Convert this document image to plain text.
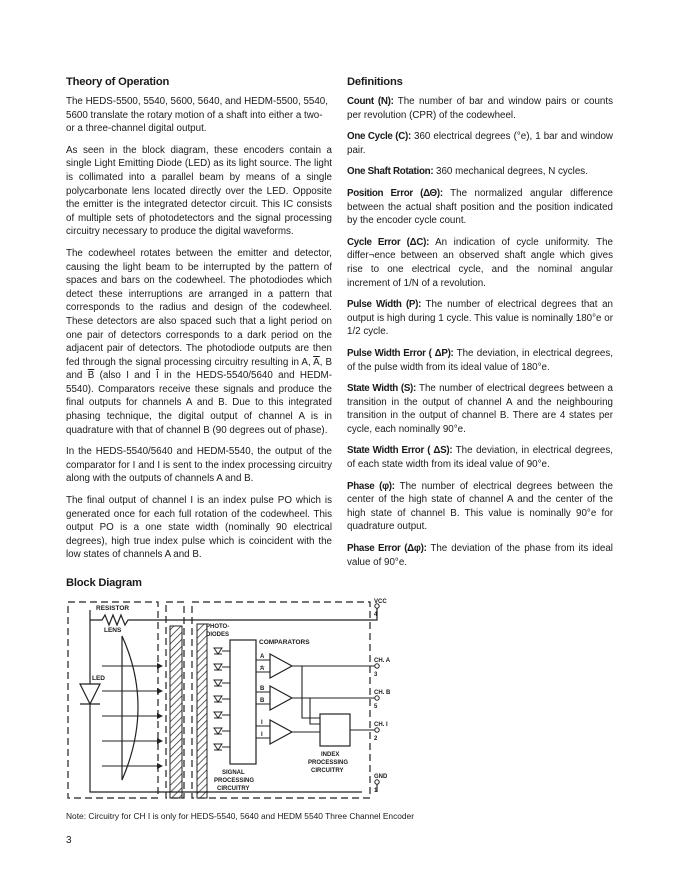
Theory of Operation

The HEDS-5500, 5540, 5600, 5640, and HEDM-5500, 5540, 5600 translate the rotary motion of a shaft into either a two- or a three-channel digital output.

As seen in the block diagram, these encoders contain a single Light Emitting Diode (LED) as its light source. The light is collimated into a parallel beam by means of a single polycarbonate lens located directly over the LED. Opposite the emitter is the integrated detector circuit. This IC consists of multiple sets of photodetectors and the signal processing circuitry necessary to produce the digital waveforms.

The codewheel rotates between the emitter and detector, causing the light beam to be interrupted by the pattern of spaces and bars on the codewheel. The photodiodes which detect these interruptions are arranged in a pattern that corresponds to the radius and design of the codewheel. These detectors are also spaced such that a light period on one pair of detectors corresponds to a dark period on the adjacent pair of detectors. The photodiode outputs are then fed through the signal processing circuitry resulting in A, $\overline{A}$, B and $\overline{B}$ (also I and $\overline{I}$ in the HEDS-5540/5640 and HEDM-5540). Comparators receive these signals and produce the final outputs for channels A and B. Due to this integrated phasing technique, the digital output of channel A is in quadrature with that of channel B (90 degrees out of phase).

In the HEDS-5540/5640 and HEDM-5540, the output of the comparator for I and I is sent to the index processing circuitry along with the outputs of channels A and B.

The final output of channel I is an index pulse PO which is generated once for each full rotation of the codewheel. This output PO is a one state width (nominally 90 electrical degrees), high true index pulse which is coincident with the low states of channels A and B.

Definitions

Count (N): The number of bar and window pairs or counts per revolution (CPR) of the codewheel.

One Cycle (C): 360 electrical degrees (°e), 1 bar and window pair.

One Shaft Rotation: 360 mechanical degrees, N cycles.

Position Error (ΔΘ): The normalized angular difference between the actual shaft position and the position indicated by the encoder cycle count.

Cycle Error (ΔC): An indication of cycle uniformity. The differ¬ence between an observed shaft angle which gives rise to one electrical cycle, and the nominal angular increment of 1/N of a revolution.

Pulse Width (P): The number of electrical degrees that an output is high during 1 cycle. This value is nominally 180°e or 1/2 cycle.

Pulse Width Error ( ΔP): The deviation, in electrical degrees, of the pulse width from its ideal value of 180°e.

State Width (S): The number of electrical degrees between a transition in the output of channel A and the neighbouring transition in the output of channel B. There are 4 states per cycle, each nominally 90°e.

State Width Error ( ΔS): The deviation, in electrical degrees, of each state width from its ideal value of 90°e.

Phase (φ): The number of electrical degrees between the center of the high state of channel A and the center of the high state of channel B. This value is nominally 90°e for quadrature output.

Phase Error (Δφ): The deviation of the phase from its ideal value of 90°e.

Block Diagram
RESISTOR
LED
LENS	PHOTO-
DIODES
SIGNAL
PROCESSING
CIRCUITRY
COMPARATORS
A
A
B
B
I
I
INDEX
PROCESSING
CIRCUITRY
VCC
4
CH. A
3
CH. B
5
CH. I
2
GND
1

Note: Circuitry for CH I is only for HEDS-5540, 5640 and HEDM 5540 Three Channel Encoder

3
